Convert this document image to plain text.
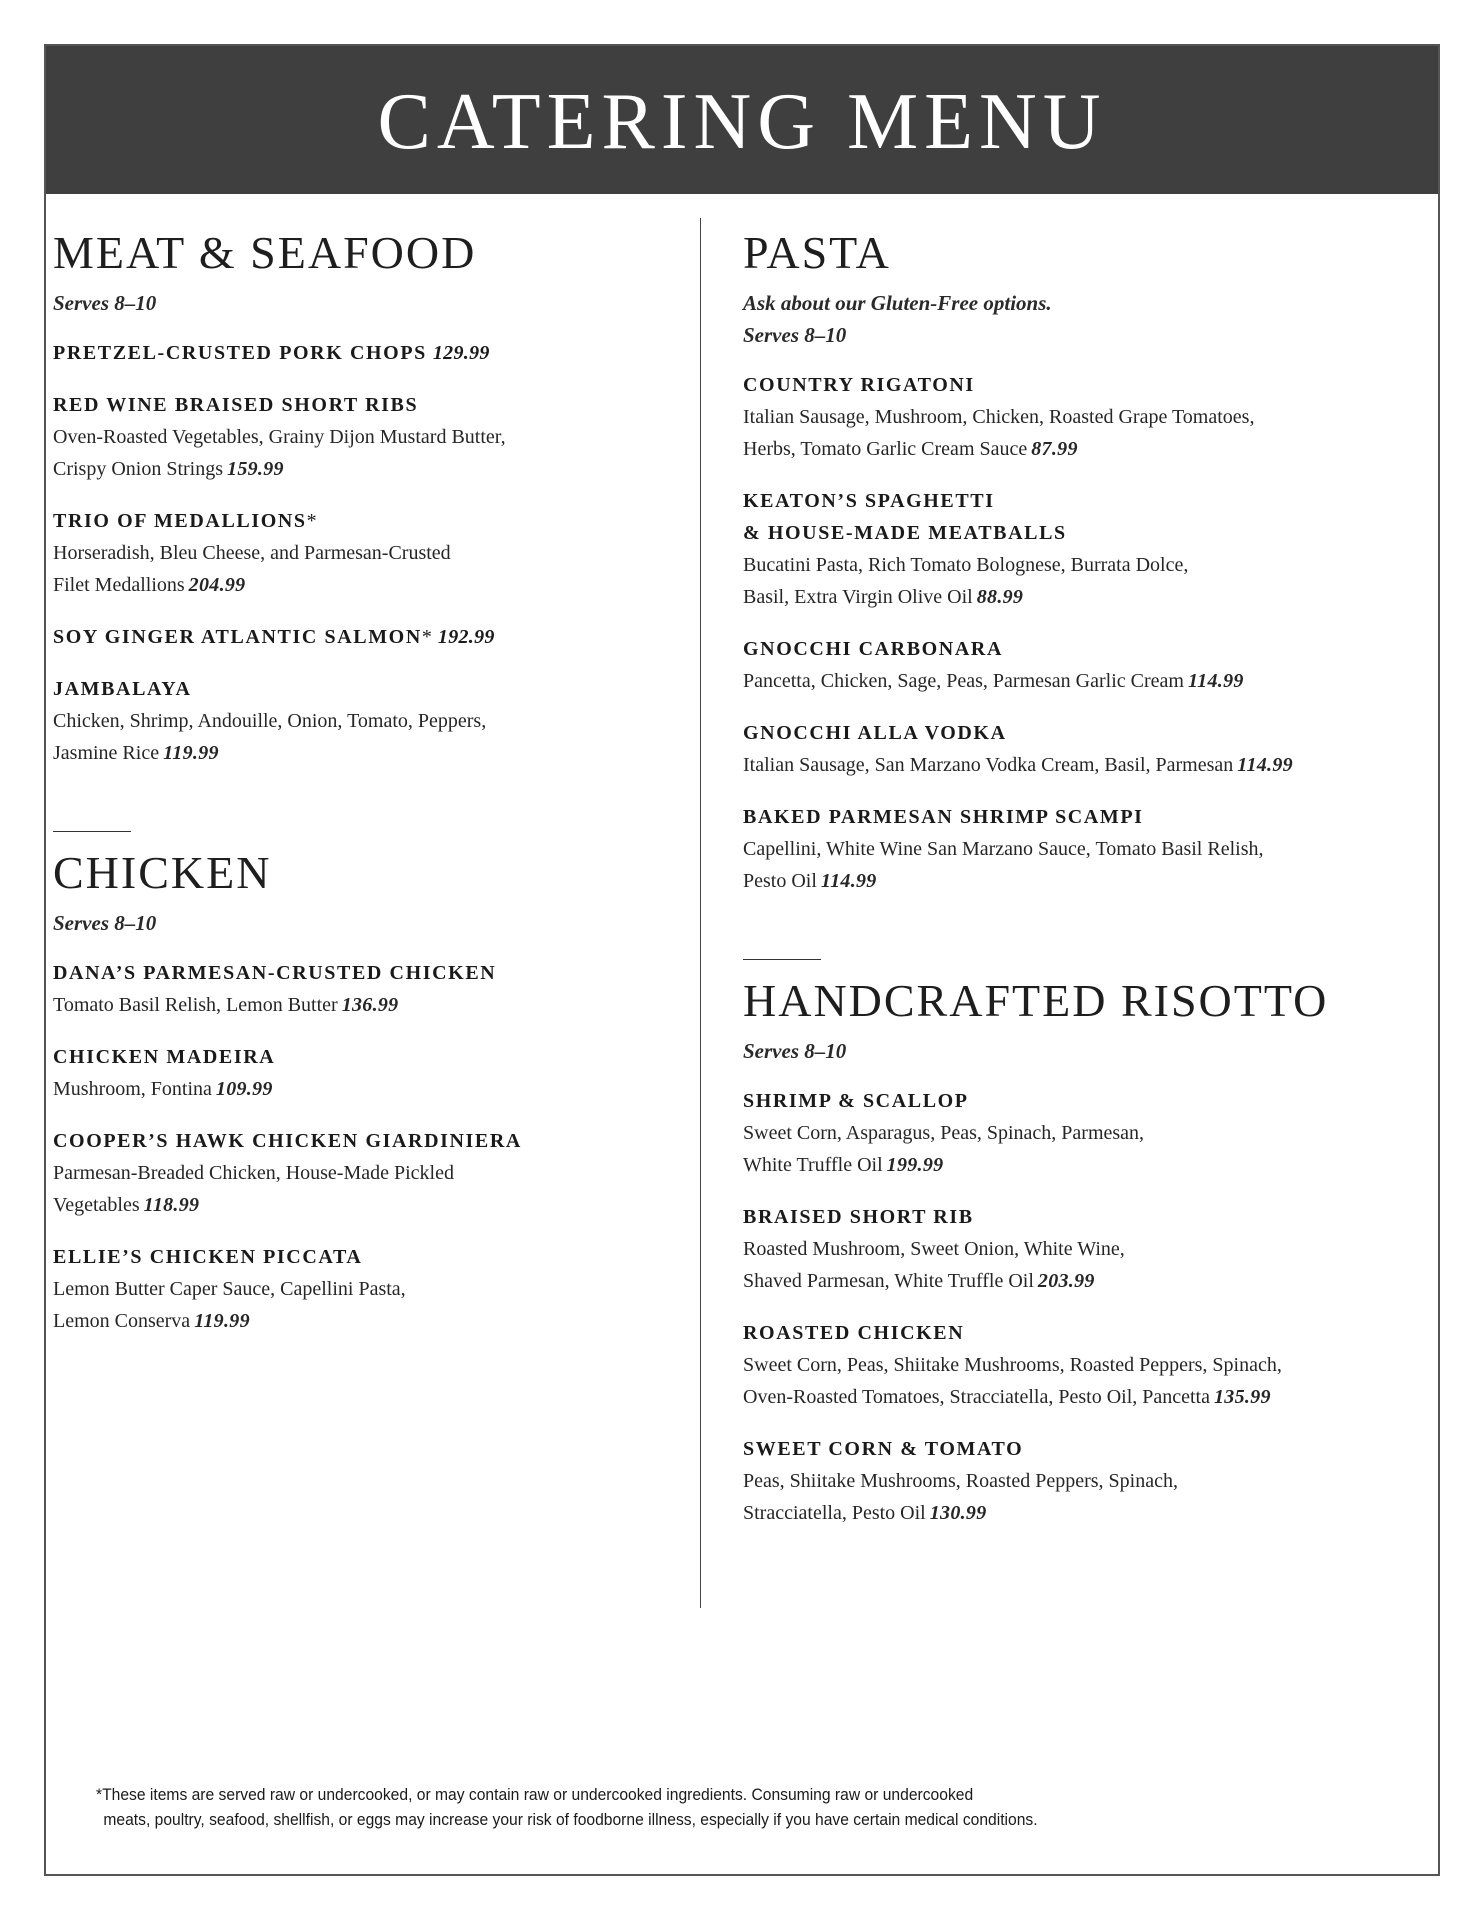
CATERING MENU
MEAT & SEAFOOD
Serves 8–10
PRETZEL-CRUSTED PORK CHOPS 129.99
RED WINE BRAISED SHORT RIBS
Oven-Roasted Vegetables, Grainy Dijon Mustard Butter,
Crispy Onion Strings 159.99
TRIO OF MEDALLIONS*
Horseradish, Bleu Cheese, and Parmesan-Crusted
Filet Medallions 204.99
SOY GINGER ATLANTIC SALMON* 192.99
JAMBALAYA
Chicken, Shrimp, Andouille, Onion, Tomato, Peppers,
Jasmine Rice 119.99
CHICKEN
Serves 8–10
DANA’S PARMESAN-CRUSTED CHICKEN
Tomato Basil Relish, Lemon Butter 136.99
CHICKEN MADEIRA
Mushroom, Fontina 109.99
COOPER’S HAWK CHICKEN GIARDINIERA
Parmesan-Breaded Chicken, House-Made Pickled
Vegetables 118.99
ELLIE’S CHICKEN PICCATA
Lemon Butter Caper Sauce, Capellini Pasta,
Lemon Conserva 119.99
PASTA
Ask about our Gluten-Free options.
Serves 8–10
COUNTRY RIGATONI
Italian Sausage, Mushroom, Chicken, Roasted Grape Tomatoes,
Herbs, Tomato Garlic Cream Sauce 87.99
KEATON’S SPAGHETTI
& HOUSE-MADE MEATBALLS
Bucatini Pasta, Rich Tomato Bolognese, Burrata Dolce,
Basil, Extra Virgin Olive Oil 88.99
GNOCCHI CARBONARA
Pancetta, Chicken, Sage, Peas, Parmesan Garlic Cream 114.99
GNOCCHI ALLA VODKA
Italian Sausage, San Marzano Vodka Cream, Basil, Parmesan 114.99
BAKED PARMESAN SHRIMP SCAMPI
Capellini, White Wine San Marzano Sauce, Tomato Basil Relish,
Pesto Oil 114.99
HANDCRAFTED RISOTTO
Serves 8–10
SHRIMP & SCALLOP
Sweet Corn, Asparagus, Peas, Spinach, Parmesan,
White Truffle Oil 199.99
BRAISED SHORT RIB
Roasted Mushroom, Sweet Onion, White Wine,
Shaved Parmesan, White Truffle Oil 203.99
ROASTED CHICKEN
Sweet Corn, Peas, Shiitake Mushrooms, Roasted Peppers, Spinach,
Oven-Roasted Tomatoes, Stracciatella, Pesto Oil, Pancetta 135.99
SWEET CORN & TOMATO
Peas, Shiitake Mushrooms, Roasted Peppers, Spinach,
Stracciatella, Pesto Oil 130.99
*These items are served raw or undercooked, or may contain raw or undercooked ingredients. Consuming raw or undercooked
meats, poultry, seafood, shellfish, or eggs may increase your risk of foodborne illness, especially if you have certain medical conditions.
